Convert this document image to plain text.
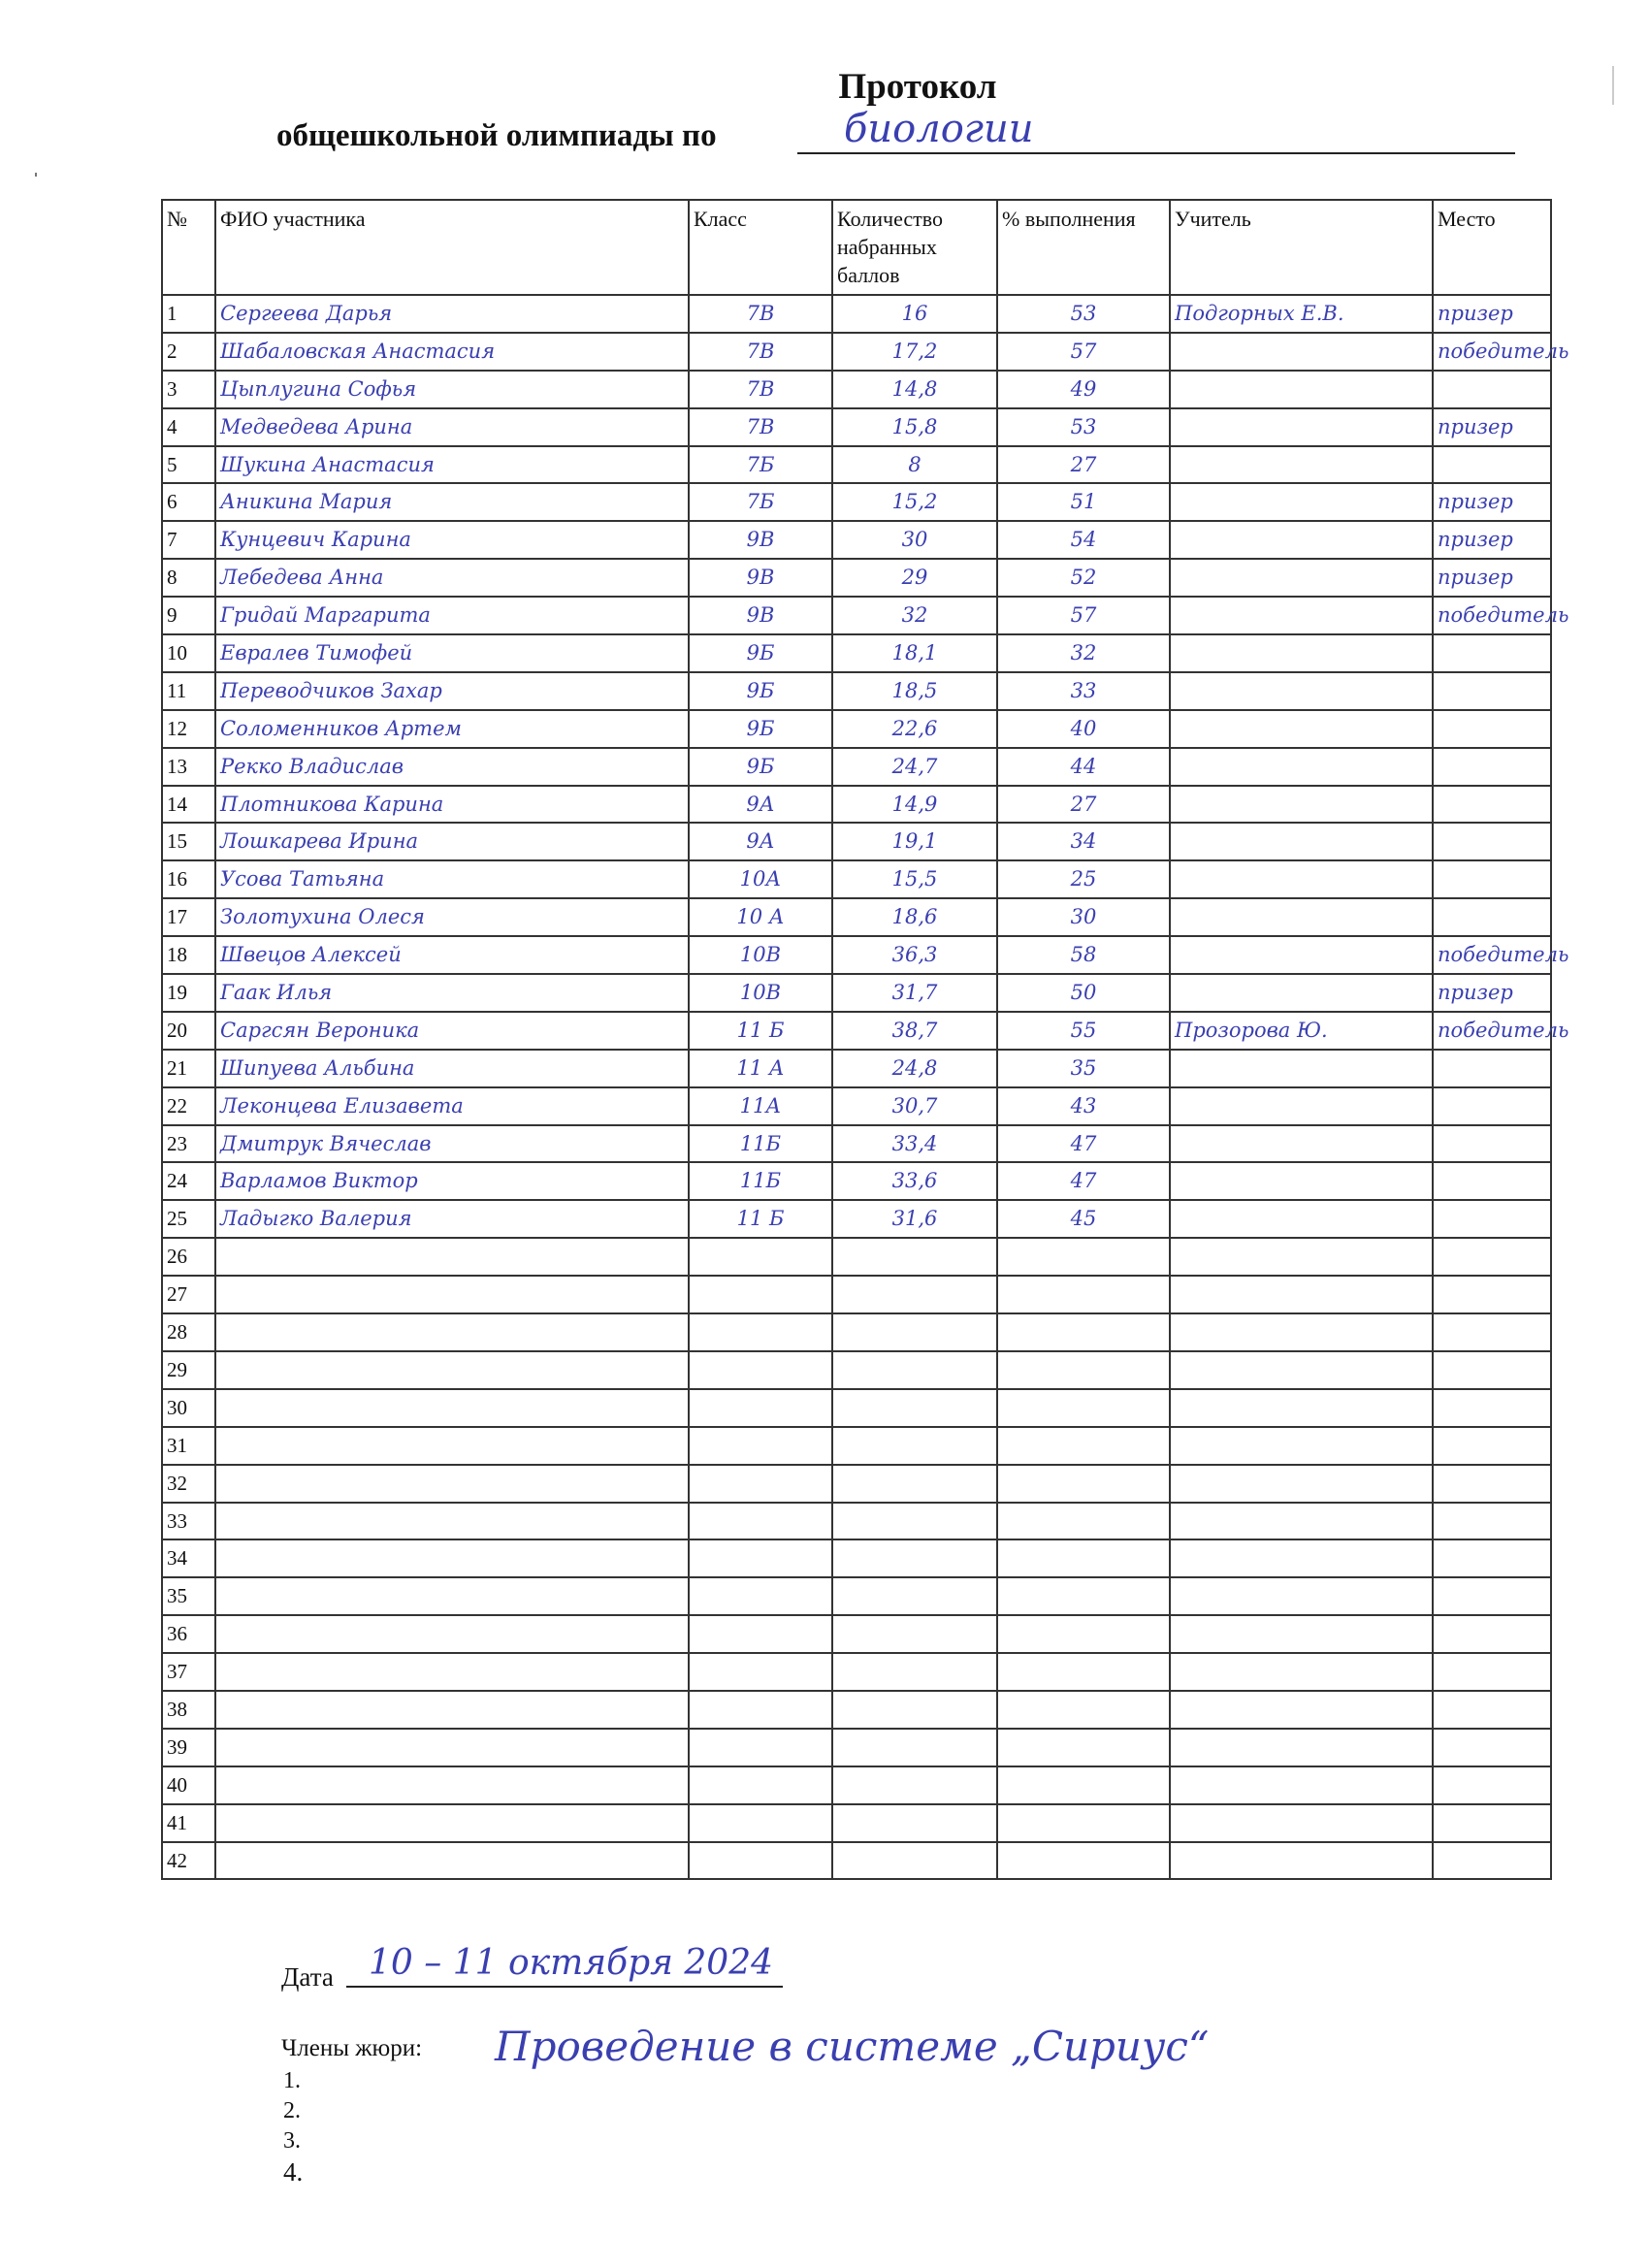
Протокол
общешкольной олимпиады по	биологии
№	ФИО участника	Класс	Количество набранных баллов	% выполнения	Учитель	Место
1	Сергеева Дарья	7В	16	53	Подгорных Е.В.	призер
2	Шабаловская Анастасия	7В	17,2	57		победитель
3	Цыплугина Софья	7В	14,8	49		
4	Медведева Арина	7В	15,8	53		призер
5	Шукина Анастасия	7Б	8	27		
6	Аникина Мария	7Б	15,2	51		призер
7	Кунцевич Карина	9В	30	54		призер
8	Лебедева Анна	9В	29	52		призер
9	Гридай Маргарита	9В	32	57		победитель
10	Евралев Тимофей	9Б	18,1	32		
11	Переводчиков Захар	9Б	18,5	33		
12	Соломенников Артем	9Б	22,6	40		
13	Рекко Владислав	9Б	24,7	44		
14	Плотникова Карина	9А	14,9	27		
15	Лошкарева Ирина	9А	19,1	34		
16	Усова Татьяна	10А	15,5	25		
17	Золотухина Олеся	10 А	18,6	30		
18	Швецов Алексей	10В	36,3	58		победитель
19	Гаак Илья	10В	31,7	50		призер
20	Саргсян Вероника	11 Б	38,7	55	Прозорова Ю.	победитель
21	Шипуева Альбина	11 А	24,8	35		
22	Леконцева Елизавета	11А	30,7	43		
23	Дмитрук Вячеслав	11Б	33,4	47		
24	Варламов Виктор	11Б	33,6	47		
25	Ладыгко Валерия	11 Б	31,6	45		
26						
27						
28						
29						
30						
31						
32						
33						
34						
35						
36						
37						
38						
39						
40						
41						
42						
Дата 10 – 11 октября 2024
Члены жюри:
1.
2.
3.
4.
Проведение в системе „Сириус“
